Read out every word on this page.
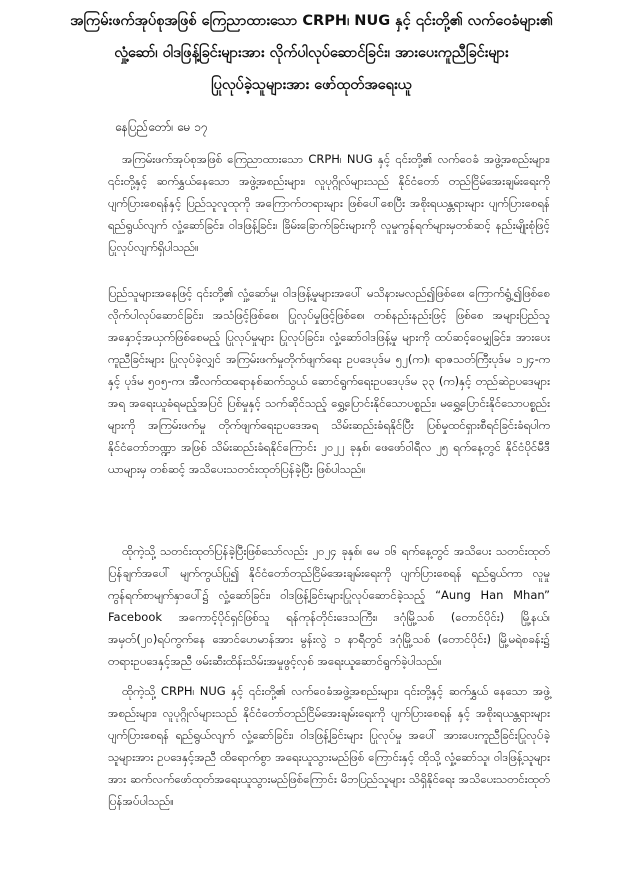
အကြမ်းဖက်အုပ်စုအဖြစ် ကြေညာထားသော CRPH၊ NUG နှင့် ၎င်းတို့၏ လက်ဝေခံများ၏
လှုံ့ဆော်၊ ဝါဒဖြန့်ခြင်းများအား လိုက်ပါလုပ်ဆောင်ခြင်း၊ အားပေးကူညီခြင်းများ
ပြုလုပ်ခဲ့သူများအား ဖော်ထုတ်အရေးယူ
နေပြည်တော်၊ မေ ၁၇

အကြမ်းဖက်အုပ်စုအဖြစ် ကြေညာထားသော CRPH၊ NUG နှင့် ၎င်းတို့၏ လက်ဝေခံ အဖွဲ့အစည်းများ၊ ၎င်းတို့နှင့် ဆက်နွှယ်နေသော အဖွဲ့အစည်းများ၊ လူပုဂ္ဂိုလ်များသည် နိုင်ငံတော် တည်ငြိမ်အေးချမ်းရေးကို ပျက်ပြားစေရန်နှင့် ပြည်သူလူထုကို အကြောက်တရားများ ဖြစ်ပေါ်စေပြီး အစိုးရယန္တရားများ ပျက်ပြားစေရန် ရည်ရွယ်လျက် လှုံ့ဆော်ခြင်း၊ ဝါဒဖြန့်ခြင်း၊ ခြိမ်းခြောက်ခြင်းများကို လူမှုကွန်ရက်များမှတစ်ဆင့် နည်းမျိုးစုံဖြင့် ပြုလုပ်လျက်ရှိပါသည်။

ပြည်သူများအနေဖြင့် ၎င်းတို့၏ လှုံ့ဆော်မှု၊ ဝါဒဖြန့်မှုများအပေါ် မသိနားမလည်၍ဖြစ်စေ၊ ကြောက်ရွံ့၍ဖြစ်စေ လိုက်ပါလုပ်ဆောင်ခြင်း၊ အသံဖြင့်ဖြစ်စေ၊ ပြုလုပ်မှုဖြင့်ဖြစ်စေ၊ တစ်နည်းနည်းဖြင့် ဖြစ်စေ အများပြည်သူအနှောင့်အယှက်ဖြစ်စေမည့် ပြုလုပ်မှုများ ပြုလုပ်ခြင်း၊ လှုံ့ဆော်ဝါဒဖြန့်မှု များကို ထပ်ဆင့်ဝေမျှခြင်း၊ အားပေးကူညီခြင်းများ ပြုလုပ်ခဲ့လျှင် အကြမ်းဖက်မှုတိုက်ဖျက်ရေး ဥပဒေပုဒ်မ ၅၂(က)၊ ရာဇသတ်ကြီးပုဒ်မ ၁၂၄-ကနှင့် ပုဒ်မ ၅၀၅-က၊ အီလက်ထရောနစ်ဆက်သွယ် ဆောင်ရွက်ရေးဥပဒေပုဒ်မ ၃၃ (က)နှင့် တည်ဆဲဥပဒေများအရ အရေးယူခံရမည့်အပြင် ပြစ်မှုနှင့် သက်ဆိုင်သည့် ရွှေ့ပြောင်းနိုင်သောပစ္စည်း၊ မရွှေ့ပြောင်းနိုင်သောပစ္စည်းများကို အကြမ်းဖက်မှု တိုက်ဖျက်ရေးဥပဒေအရ သိမ်းဆည်းခံရနိုင်ပြီး ပြစ်မှုထင်ရှားစီရင်ခြင်းခံရပါက နိုင်ငံတော်ဘဏ္ဍာ အဖြစ် သိမ်းဆည်းခံရနိုင်ကြောင်း ၂၀၂၂ ခုနှစ်၊ ဖေဖော်ဝါရီလ ၂၅ ရက်နေ့တွင် နိုင်ငံပိုင်မီဒီယာများမှ တစ်ဆင့် အသိပေးသတင်းထုတ်ပြန်ခဲ့ပြီး ဖြစ်ပါသည်။

ထိုကဲ့သို့ သတင်းထုတ်ပြန်ခဲ့ပြီးဖြစ်သော်လည်း ၂၀၂၄ ခုနှစ်၊ မေ ၁၆ ရက်နေ့တွင် အသိပေး သတင်းထုတ်ပြန်ချက်အပေါ် မျက်ကွယ်ပြု၍ နိုင်ငံတော်တည်ငြိမ်အေးချမ်းရေးကို ပျက်ပြားစေရန် ရည်ရွယ်ကာ လူမှုကွန်ရက်စာမျက်နှာပေါ်၌ လှုံ့ဆော်ခြင်း၊ ဝါဒဖြန့်ခြင်းများပြုလုပ်ဆောင်ခဲ့သည့် “Aung Han Mhan” Facebook အကောင့်ပိုင်ရှင်ဖြစ်သူ ရန်ကုန်တိုင်းဒေသကြီး၊ ဒဂုံမြို့သစ် (တောင်ပိုင်း) မြို့နယ်၊ အမှတ်(၂၀)ရပ်ကွက်နေ အောင်ဟေမာန်အား မွန်းလွဲ ၁ နာရီတွင် ဒဂုံမြို့သစ် (တောင်ပိုင်း) မြို့မရဲစခန်း၌ တရားဥပဒေနှင့်အညီ ဖမ်းဆီးထိန်းသိမ်းအမှုဖွင့်လှစ် အရေးယူဆောင်ရွက်ခဲ့ပါသည်။

ထိုကဲ့သို့ CRPH၊ NUG နှင့် ၎င်းတို့၏ လက်ဝေခံအဖွဲ့အစည်းများ၊ ၎င်းတို့နှင့် ဆက်နွှယ် နေသော အဖွဲ့အစည်းများ၊ လူပုဂ္ဂိုလ်များသည် နိုင်ငံတော်တည်ငြိမ်အေးချမ်းရေးကို ပျက်ပြားစေရန် နှင့် အစိုးရယန္တရားများ ပျက်ပြားစေရန် ရည်ရွယ်လျက် လှုံ့ဆော်ခြင်း၊ ဝါဒဖြန့်ခြင်းများ ပြုလုပ်မှု အပေါ် အားပေးကူညီခြင်းပြုလုပ်ခဲ့သူများအား ဥပဒေနှင့်အညီ ထိရောက်စွာ အရေးယူသွားမည်ဖြစ် ကြောင်းနှင့် ထိုသို့ လှုံ့ဆော်သူ၊ ဝါဒဖြန့်သူများအား ဆက်လက်ဖော်ထုတ်အရေးယူသွားမည်ဖြစ်ကြောင်း မိဘပြည်သူများ သိရှိနိုင်ရေး အသိပေးသတင်းထုတ်ပြန်အပ်ပါသည်။
